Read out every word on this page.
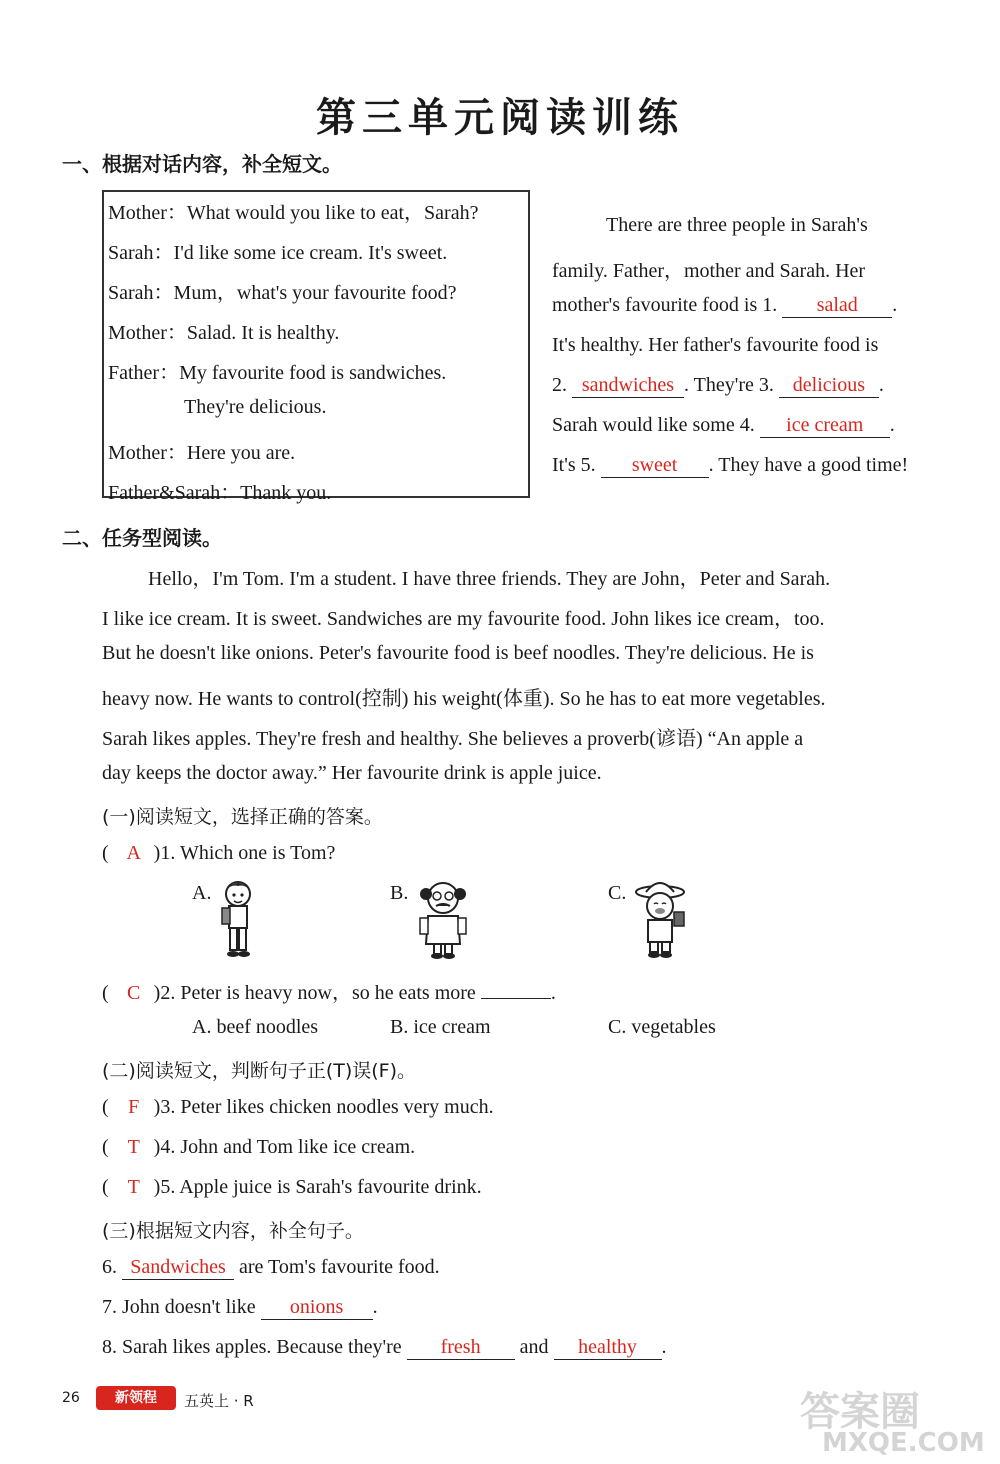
第三单元阅读训练
一、根据对话内容，补全短文。
Mother：What would you like to eat，Sarah?
Sarah：I'd like some ice cream. It's sweet.
Sarah：Mum，what's your favourite food?
Mother：Salad. It is healthy.
Father：My favourite food is sandwiches.
They're delicious.
Mother：Here you are.
Father&Sarah：Thank you.
There are three people in Sarah's
family. Father，mother and Sarah. Her
mother's favourite food is 1. salad .
It's healthy. Her father's favourite food is
2. sandwiches . They're 3. delicious .
Sarah would like some 4. ice cream .
It's 5. sweet . They have a good time!
二、任务型阅读。
Hello，I'm Tom. I'm a student. I have three friends. They are John，Peter and Sarah.
I like ice cream. It is sweet. Sandwiches are my favourite food. John likes ice cream，too.
But he doesn't like onions. Peter's favourite food is beef noodles. They're delicious. He is
heavy now. He wants to control(控制) his weight(体重). So he has to eat more vegetables.
Sarah likes apples. They're fresh and healthy. She believes a proverb(谚语) “An apple a
day keeps the doctor away.” Her favourite drink is apple juice.
(一)阅读短文，选择正确的答案。
( A )1. Which one is Tom?
A.	B.	C.
( C )2. Peter is heavy now，so he eats more	.
A. beef noodles	B. ice cream	C. vegetables
(二)阅读短文，判断句子正(T)误(F)。
( F )3. Peter likes chicken noodles very much.
( T )4. John and Tom like ice cream.
( T )5. Apple juice is Sarah's favourite drink.
(三)根据短文内容，补全句子。
6. Sandwiches are Tom's favourite food.
7. John doesn't like onions .
8. Sarah likes apples. Because they're fresh and healthy .
26	新领程	五英上 · R	答案圈
MXQE.COM
